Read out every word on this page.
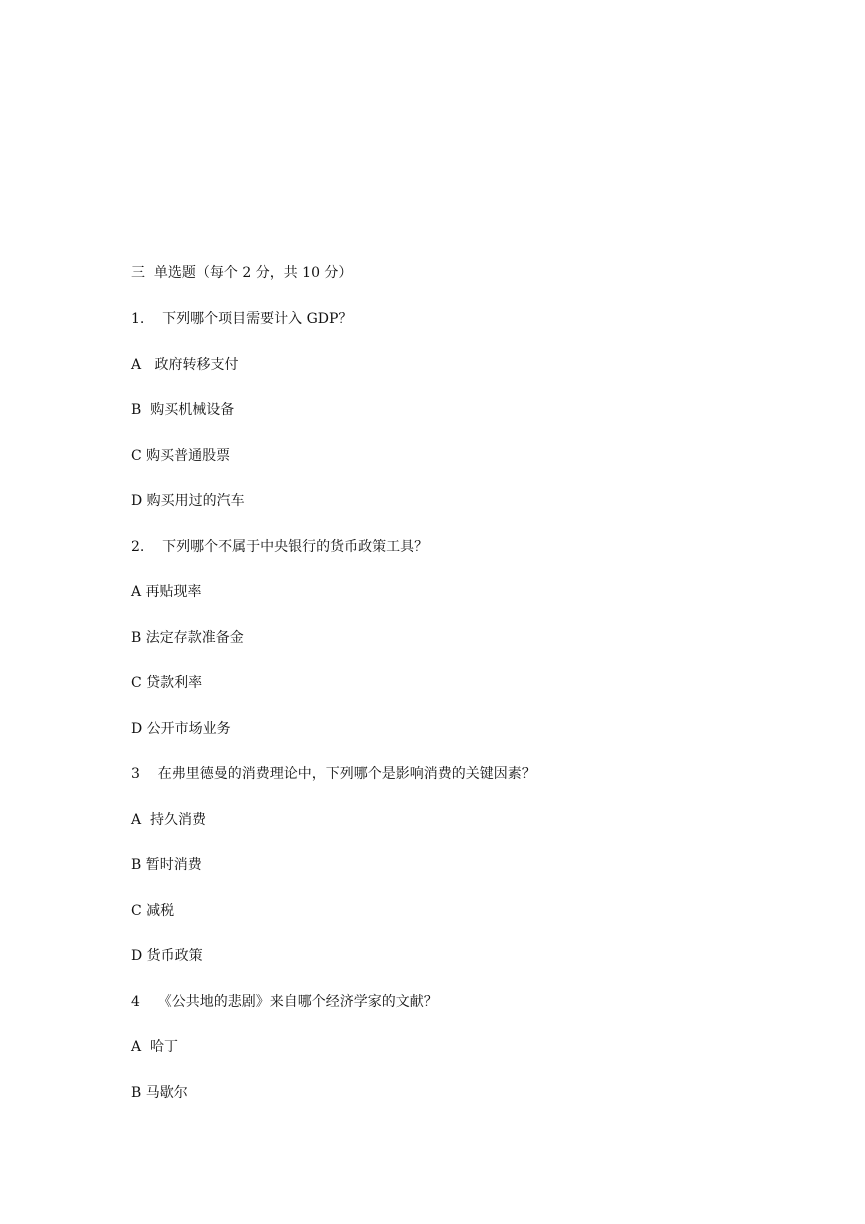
三  单选题（每个 2 分，共 10 分）
1.    下列哪个项目需要计入 GDP？
A   政府转移支付
B  购买机械设备
C 购买普通股票
D 购买用过的汽车
2.    下列哪个不属于中央银行的货币政策工具？
A 再贴现率
B 法定存款准备金
C 贷款利率
D 公开市场业务
3    在弗里德曼的消费理论中，下列哪个是影响消费的关键因素？
A  持久消费
B 暂时消费
C 减税
D 货币政策
4    《公共地的悲剧》来自哪个经济学家的文献？
A  哈丁
B 马歇尔
